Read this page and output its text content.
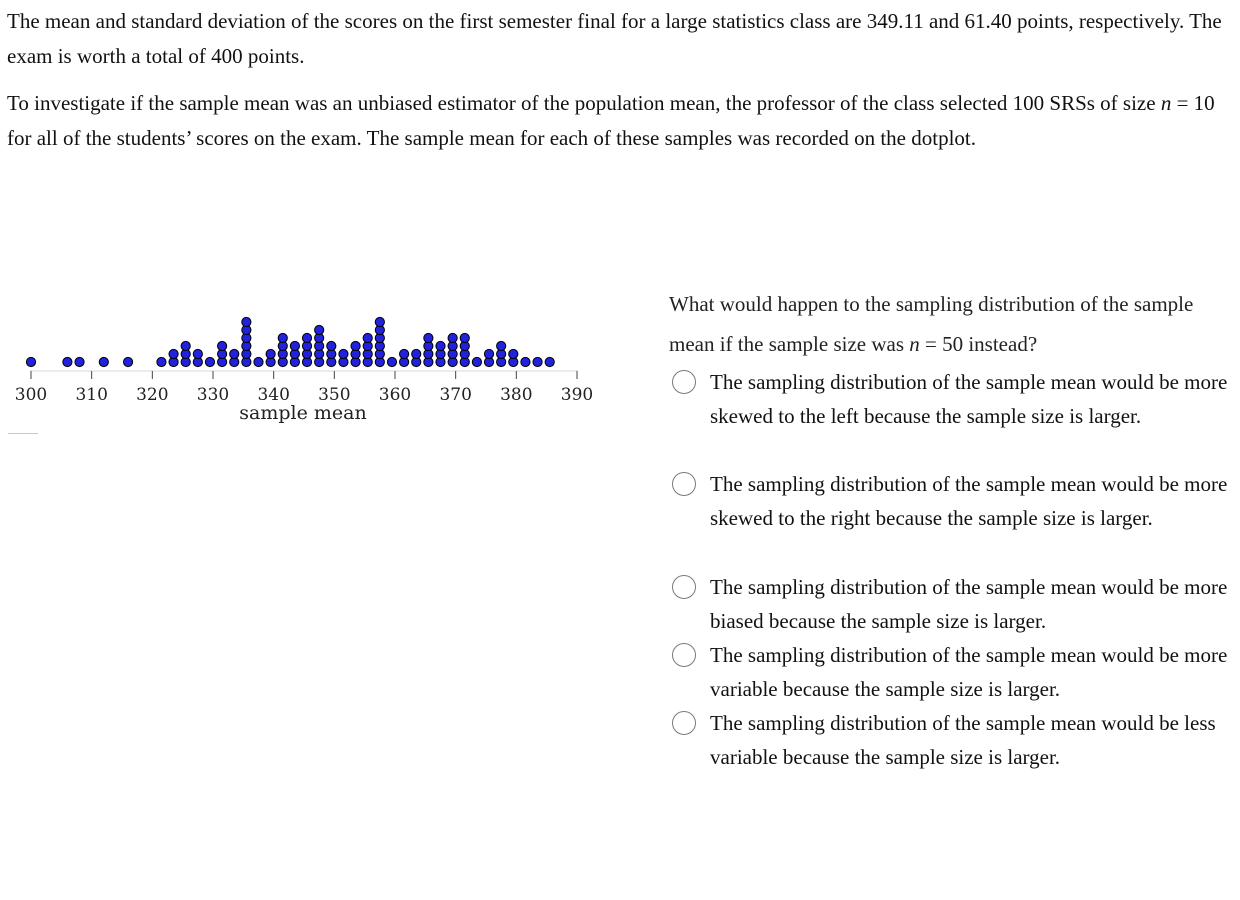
The mean and standard deviation of the scores on the first semester final for a large statistics class are 349.11 and 61.40 points, respectively. The exam is worth a total of 400 points.

To investigate if the sample mean was an unbiased estimator of the population mean, the professor of the class selected 100 SRSs of size n = 10 for all of the students’ scores on the exam. The sample mean for each of these samples was recorded on the dotplot.

300 310 320 330 340 350 360 370 380 390
sample mean

What would happen to the sampling distribution of the sample mean if the sample size was n = 50 instead?

The sampling distribution of the sample mean would be more skewed to the left because the sample size is larger.
The sampling distribution of the sample mean would be more skewed to the right because the sample size is larger.
The sampling distribution of the sample mean would be more biased because the sample size is larger.
The sampling distribution of the sample mean would be more variable because the sample size is larger.
The sampling distribution of the sample mean would be less variable because the sample size is larger.
